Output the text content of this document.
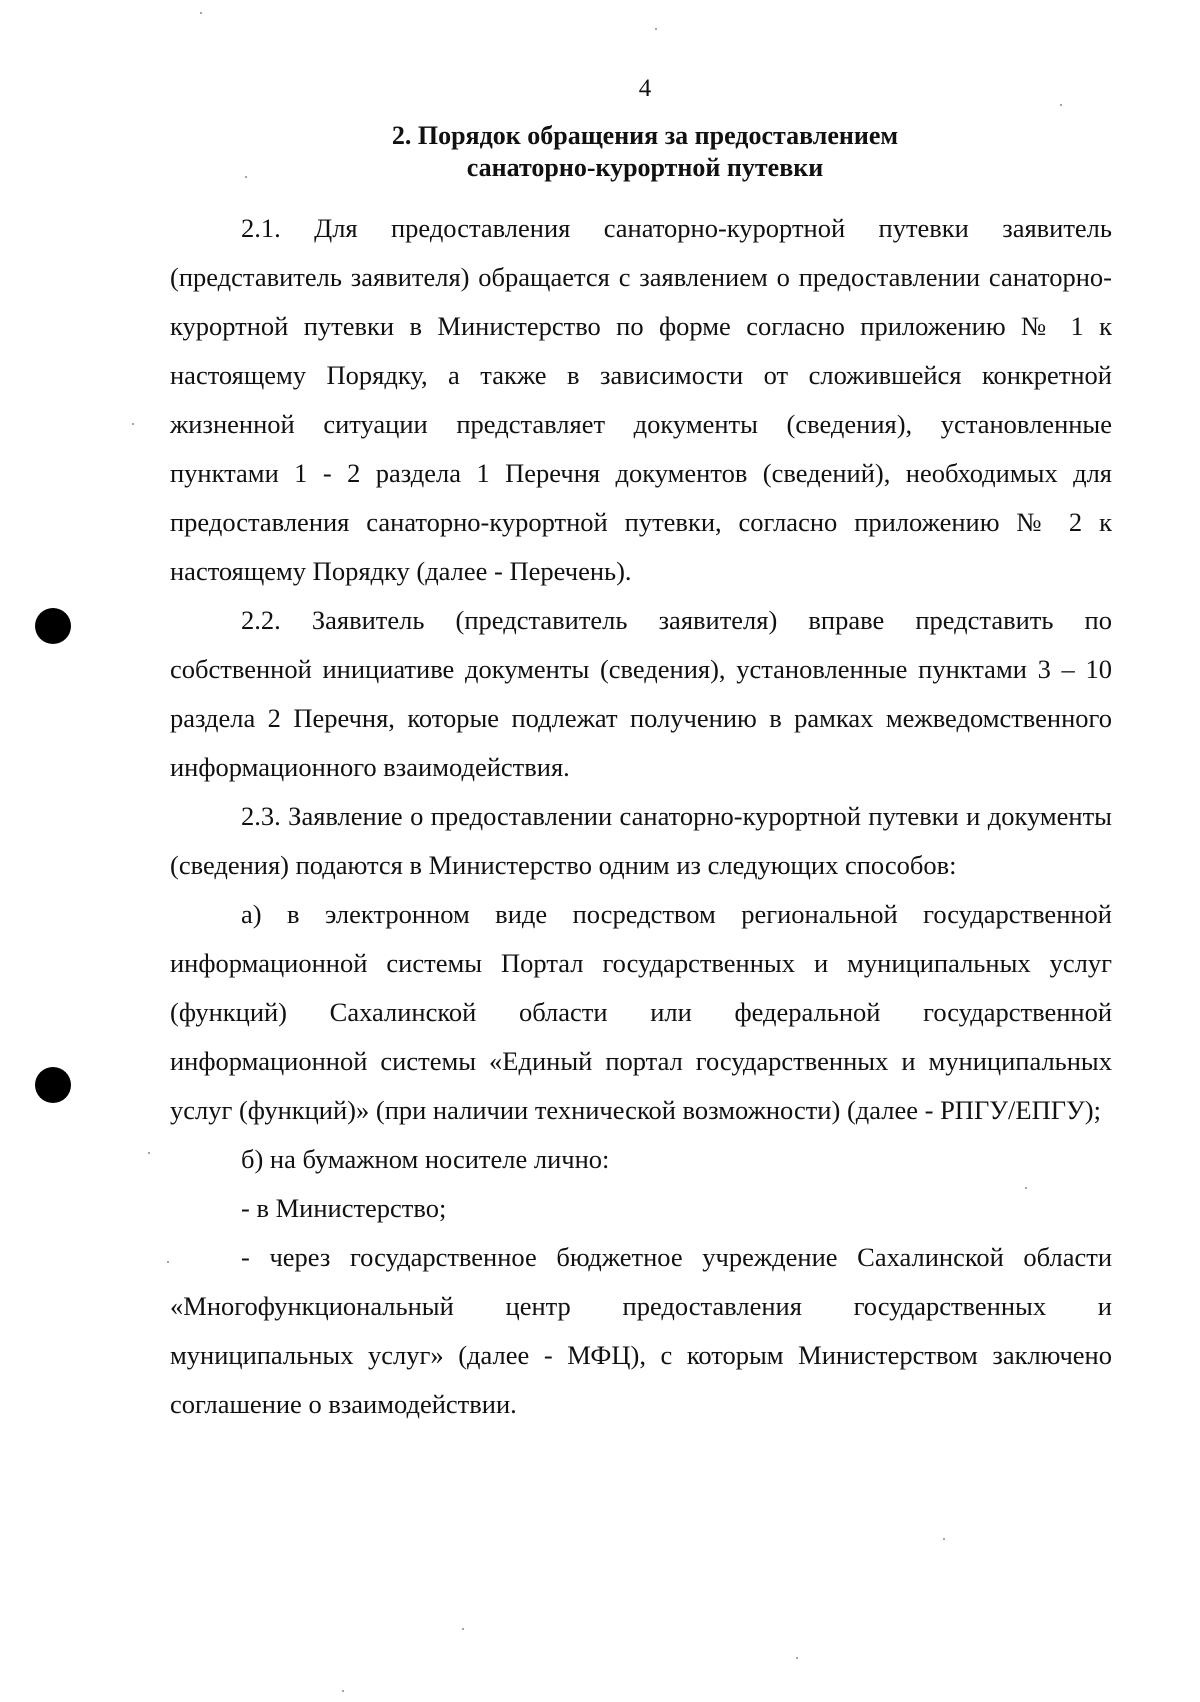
4
2. Порядок обращения за предоставлением
санаторно-курортной путевки

2.1. Для предоставления санаторно-курортной путевки заявитель (представитель заявителя) обращается с заявлением о предоставлении санаторно-курортной путевки в Министерство по форме согласно приложению № 1 к настоящему Порядку, а также в зависимости от сложившейся конкретной жизненной ситуации представляет документы (сведения), установленные пунктами 1 - 2 раздела 1 Перечня документов (сведений), необходимых для предоставления санаторно-курортной путевки, согласно приложению № 2 к настоящему Порядку (далее - Перечень).

2.2. Заявитель (представитель заявителя) вправе представить по собственной инициативе документы (сведения), установленные пунктами 3 – 10 раздела 2 Перечня, которые подлежат получению в рамках межведомственного информационного взаимодействия.

2.3. Заявление о предоставлении санаторно-курортной путевки и документы (сведения) подаются в Министерство одним из следующих способов:

а) в электронном виде посредством региональной государственной информационной системы Портал государственных и муниципальных услуг (функций) Сахалинской области или федеральной государственной информационной системы «Единый портал государственных и муниципальных услуг (функций)» (при наличии технической возможности) (далее - РПГУ/ЕПГУ);

б) на бумажном носителе лично:

- в Министерство;

- через государственное бюджетное учреждение Сахалинской области «Многофункциональный центр предоставления государственных и муниципальных услуг» (далее - МФЦ), с которым Министерством заключено соглашение о взаимодействии.
